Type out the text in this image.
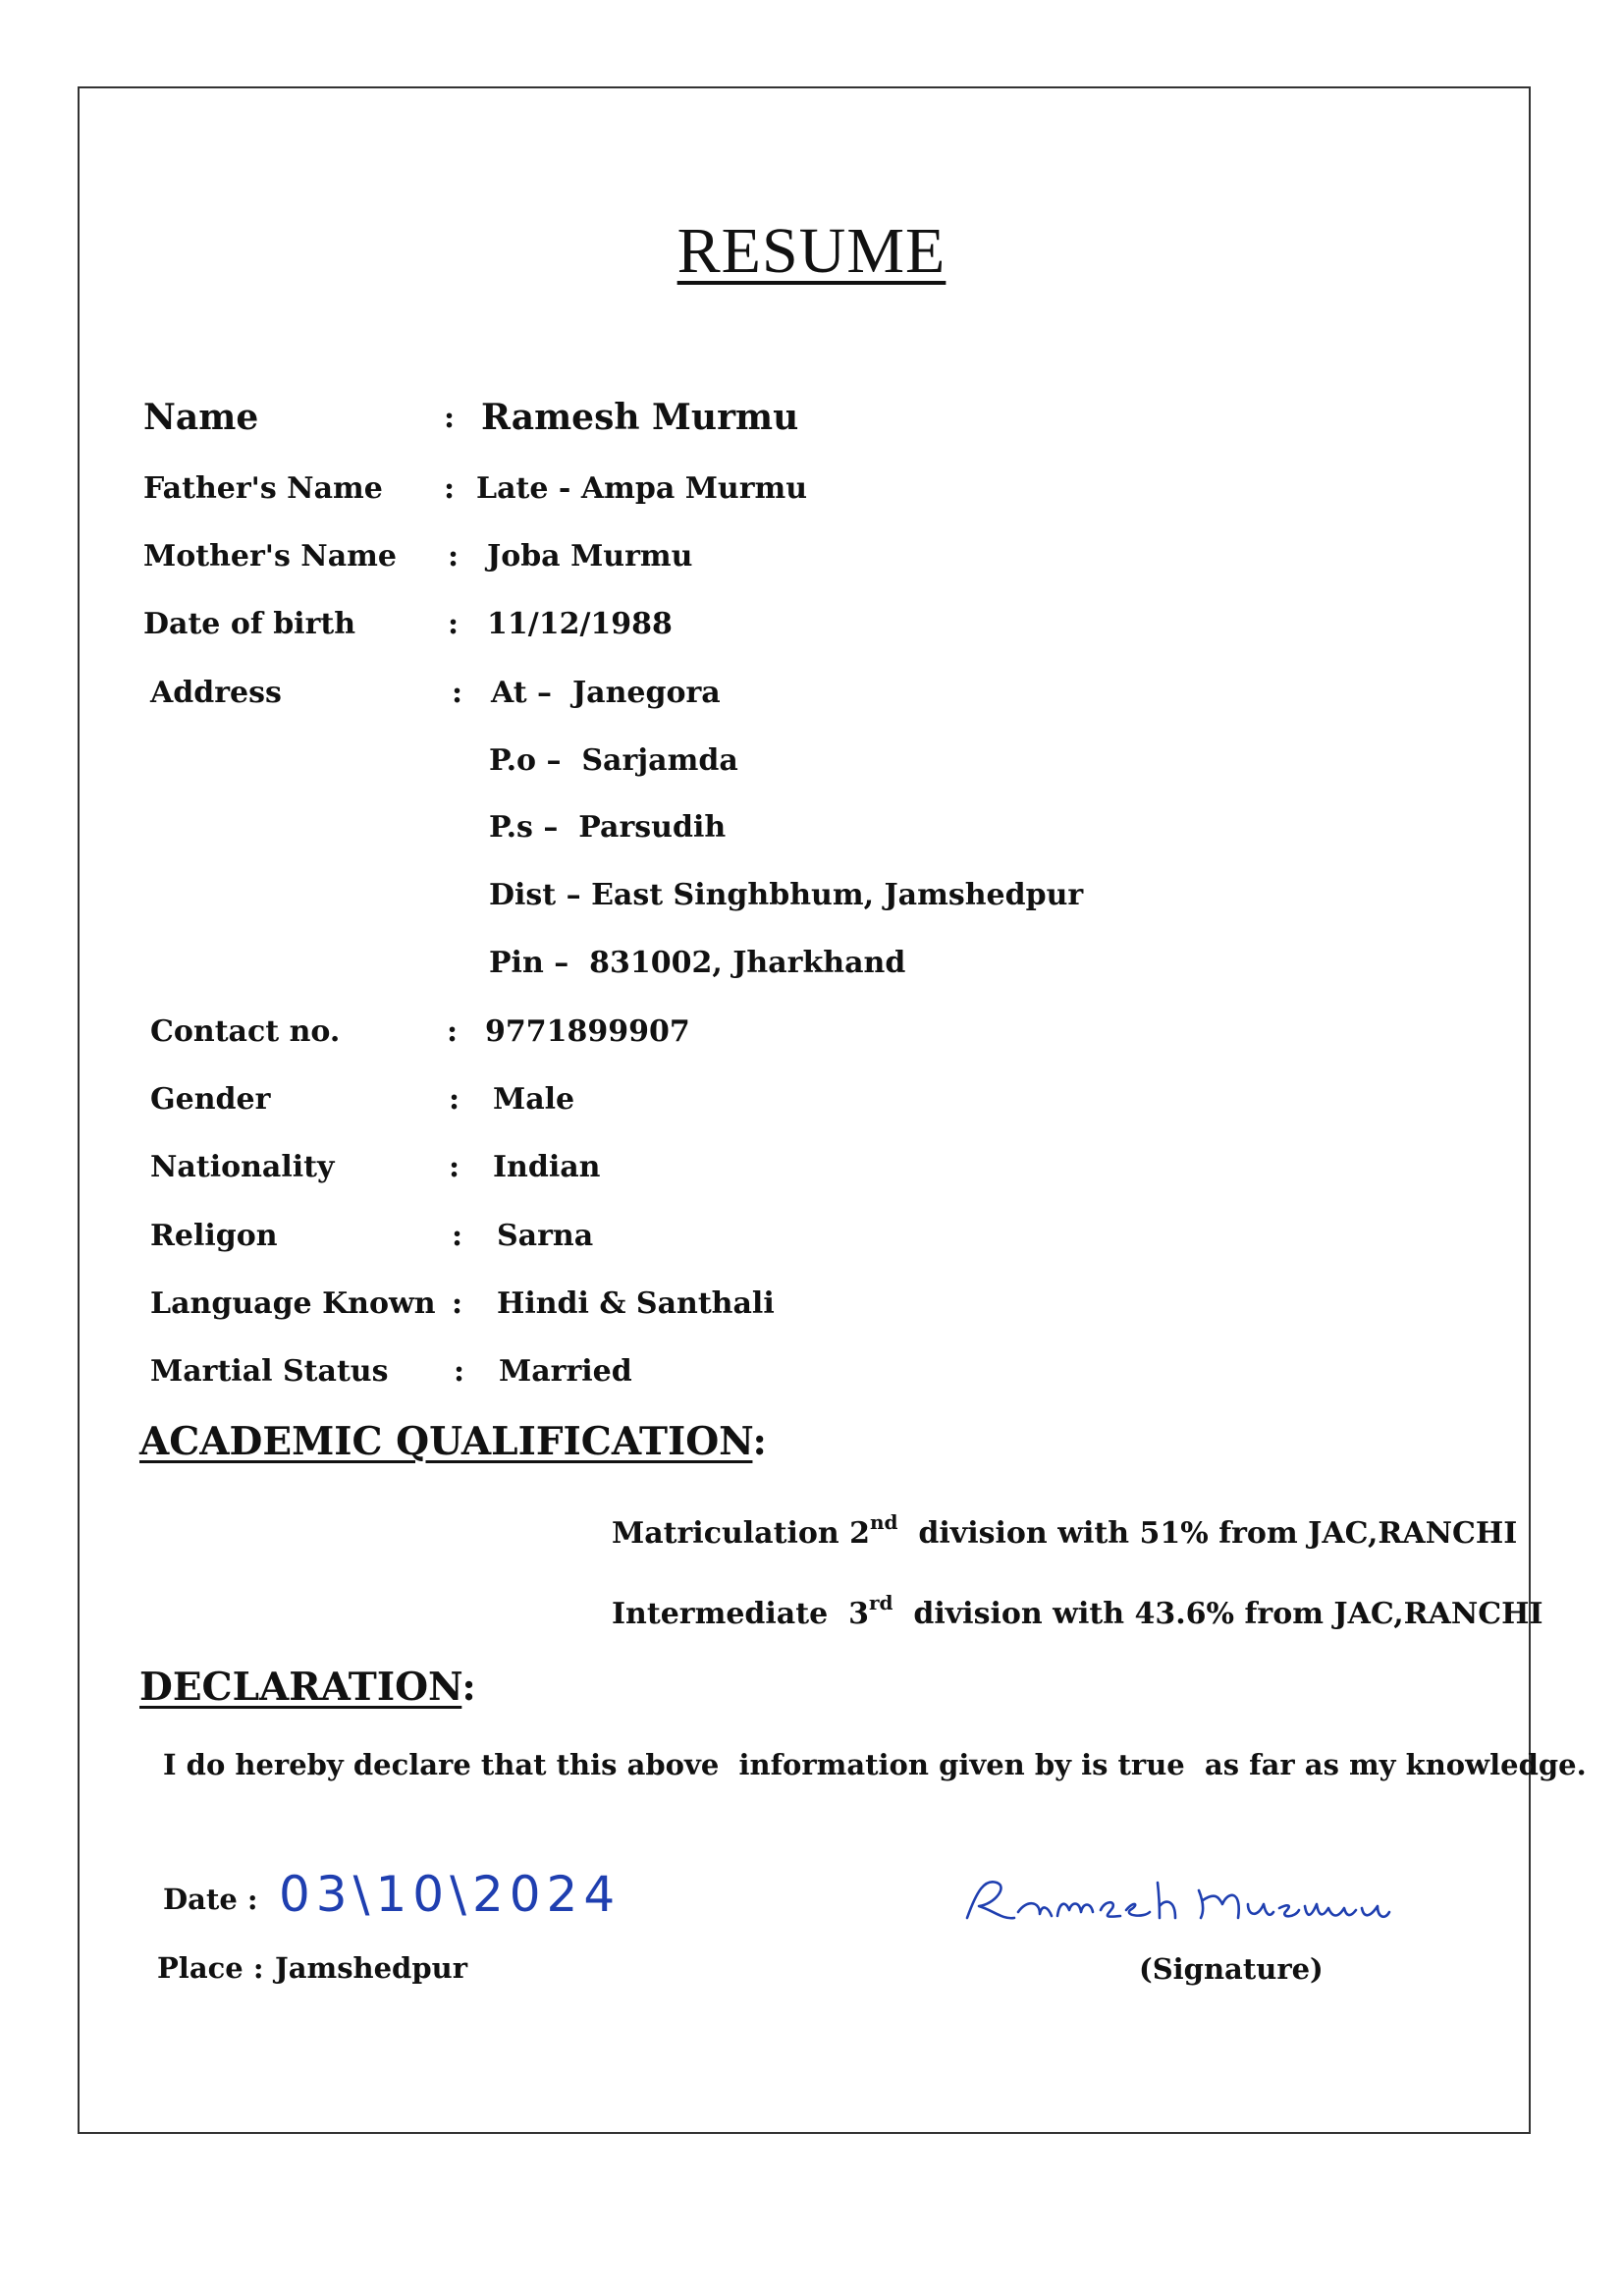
RESUME
Name	: Ramesh Murmu
Father's Name : Late - Ampa Murmu
Mother's Name : Joba Murmu
Date of birth	: 11/12/1988
Address	: At – Janegora
P.o – Sarjamda
P.s – Parsudih
Dist – East Singhbhum, Jamshedpur
Pin – 831002, Jharkhand
Contact no.	: 9771899907
Gender	: Male
Nationality	: Indian
Religon	: Sarna
Language Known : Hindi & Santhali
Martial Status : Married
ACADEMIC QUALIFICATION:
Matriculation 2nd  division with 51% from JAC,RANCHI
Intermediate  3rd  division with 43.6% from JAC,RANCHI
DECLARATION:
I do hereby declare that this above  information given by is true  as far as my knowledge.
Date : 03\10\2024
Place : Jamshedpur	(Signature)
